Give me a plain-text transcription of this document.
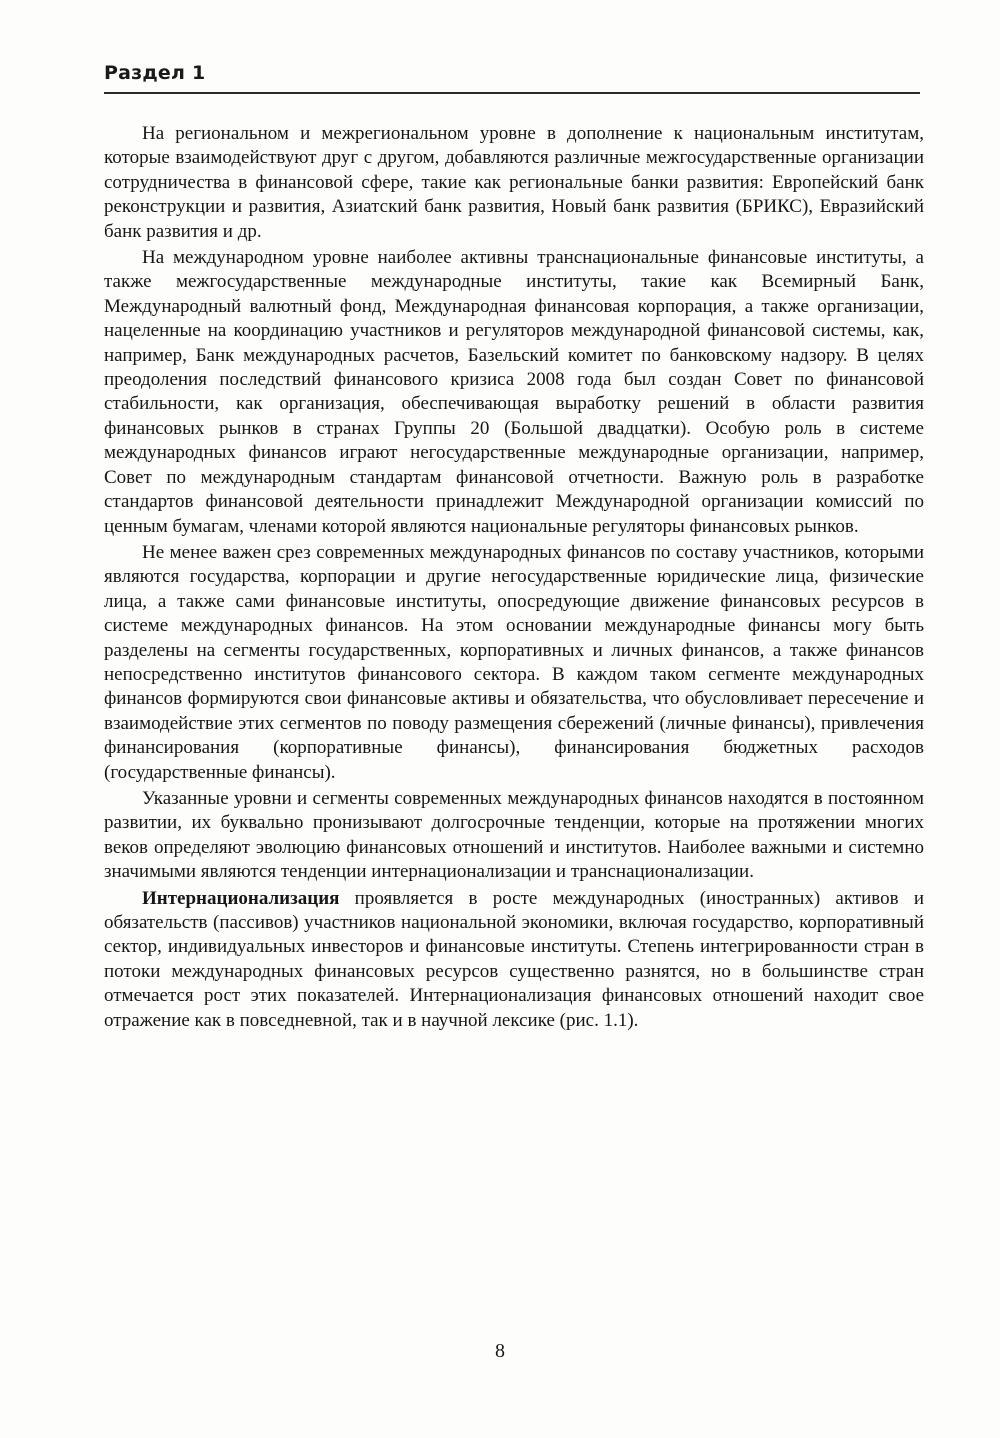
Раздел 1

На региональном и межрегиональном уровне в дополнение к национальным институтам, которые взаимодействуют друг с другом, добавляются различные межгосударственные организации сотрудничества в финансовой сфере, такие как региональные банки развития: Европейский банк реконструкции и развития, Азиатский банк развития, Новый банк развития (БРИКС), Евразийский банк развития и др.

На международном уровне наиболее активны транснациональные финансовые институты, а также межгосударственные международные институты, такие как Всемирный Банк, Международный валютный фонд, Международная финансовая корпорация, а также организации, нацеленные на координацию участников и регуляторов международной финансовой системы, как, например, Банк международных расчетов, Базельский комитет по банковскому надзору. В целях преодоления последствий финансового кризиса 2008 года был создан Совет по финансовой стабильности, как организация, обеспечивающая выработку решений в области развития финансовых рынков в странах Группы 20 (Большой двадцатки). Особую роль в системе международных финансов играют негосударственные международные организации, например, Совет по международным стандартам финансовой отчетности. Важную роль в разработке стандартов финансовой деятельности принадлежит Международной организации комиссий по ценным бумагам, членами которой являются национальные регуляторы финансовых рынков.

Не менее важен срез современных международных финансов по составу участников, которыми являются государства, корпорации и другие негосударственные юридические лица, физические лица, а также сами финансовые институты, опосредующие движение финансовых ресурсов в системе международных финансов. На этом основании международные финансы могу быть разделены на сегменты государственных, корпоративных и личных финансов, а также финансов непосредственно институтов финансового сектора. В каждом таком сегменте международных финансов формируются свои финансовые активы и обязательства, что обусловливает пересечение и взаимодействие этих сегментов по поводу размещения сбережений (личные финансы), привлечения финансирования (корпоративные финансы), финансирования бюджетных расходов (государственные финансы).

Указанные уровни и сегменты современных международных финансов находятся в постоянном развитии, их буквально пронизывают долгосрочные тенденции, которые на протяжении многих веков определяют эволюцию финансовых отношений и институтов. Наиболее важными и системно значимыми являются тенденции интернационализации и транснационализации.

Интернационализация проявляется в росте международных (иностранных) активов и обязательств (пассивов) участников национальной экономики, включая государство, корпоративный сектор, индивидуальных инвесторов и финансовые институты. Степень интегрированности стран в потоки международных финансовых ресурсов существенно разнятся, но в большинстве стран отмечается рост этих показателей. Интернационализация финансовых отношений находит свое отражение как в повседневной, так и в научной лексике (рис. 1.1).

8
